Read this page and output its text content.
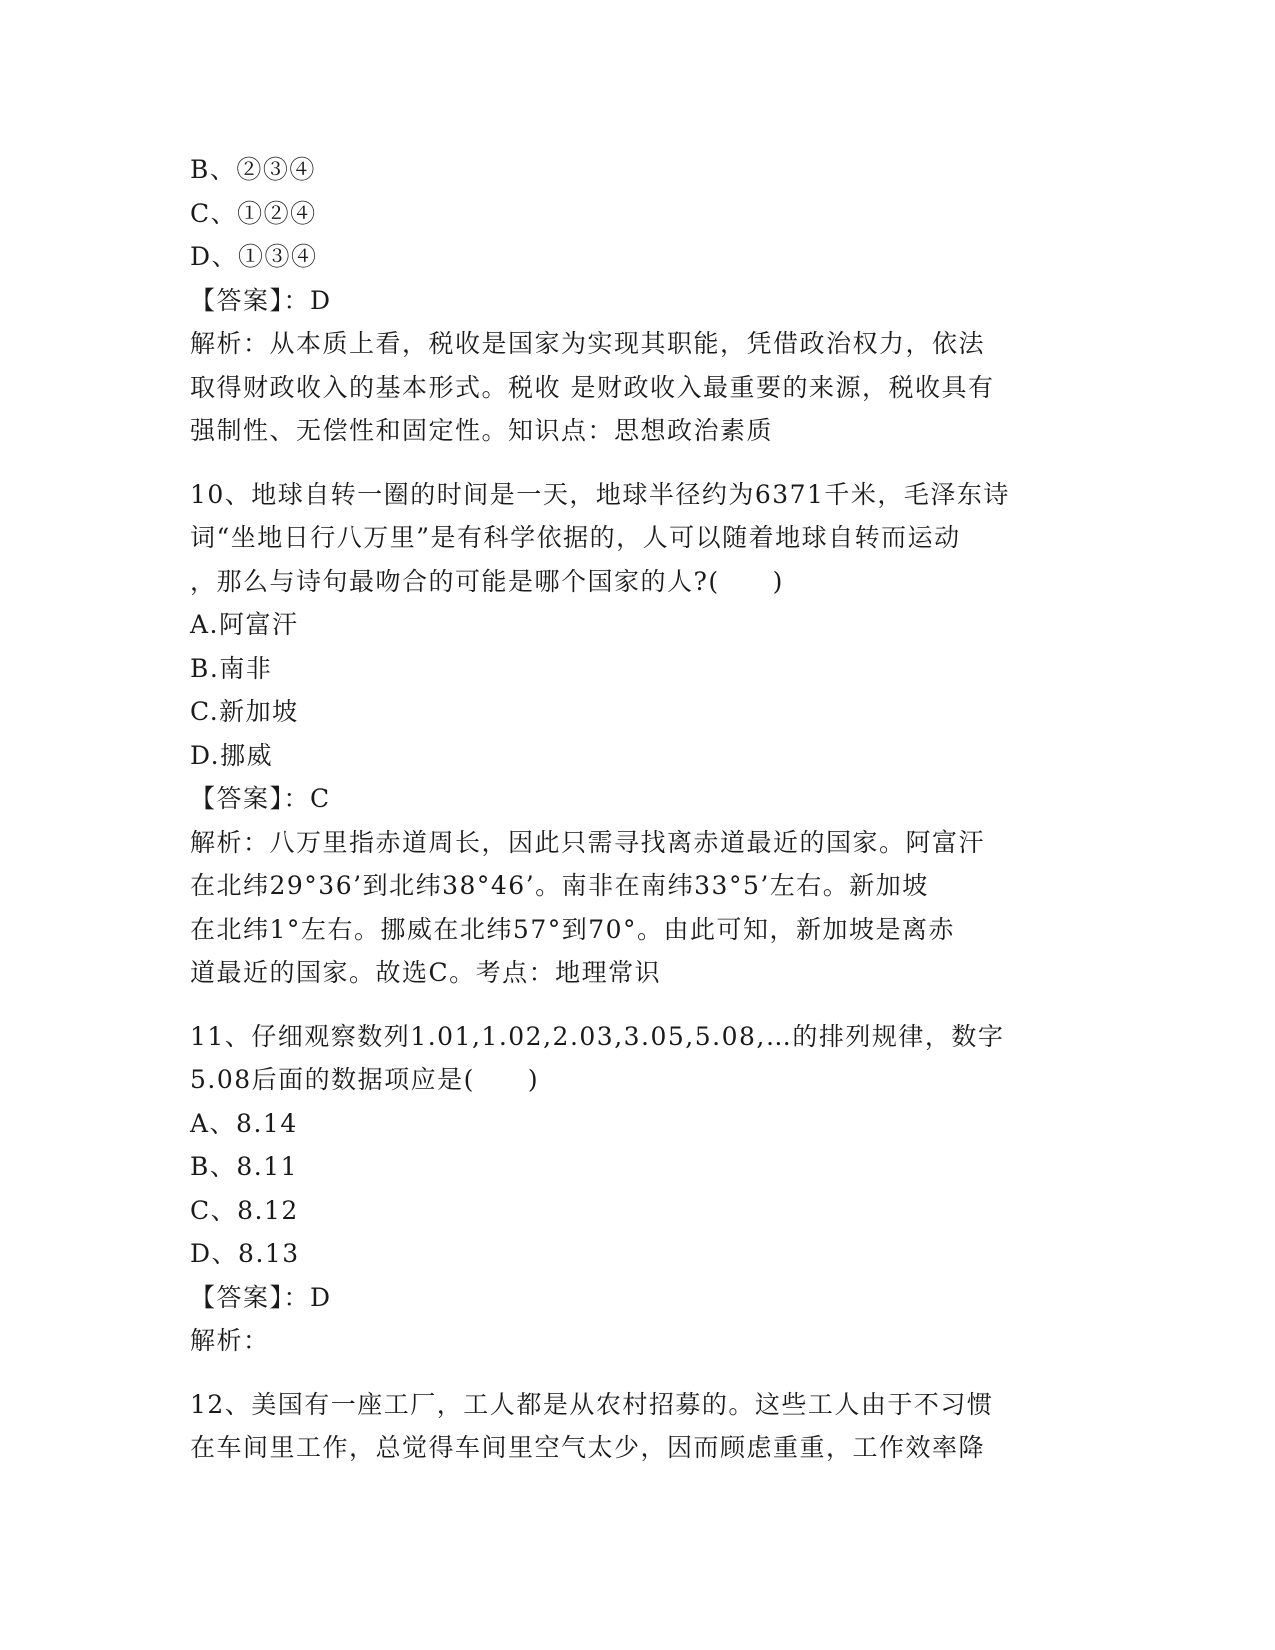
B、②③④
C、①②④
D、①③④
【答案】：D
解析：从本质上看，税收是国家为实现其职能，凭借政治权力，依法
取得财政收入的基本形式。税收 是财政收入最重要的来源，税收具有
强制性、无偿性和固定性。知识点：思想政治素质
10、地球自转一圈的时间是一天，地球半径约为6371千米，毛泽东诗
词“坐地日行八万里”是有科学依据的，人可以随着地球自转而运动
，那么与诗句最吻合的可能是哪个国家的人?(　　)
A.阿富汗
B.南非
C.新加坡
D.挪威
【答案】：C
解析：八万里指赤道周长，因此只需寻找离赤道最近的国家。阿富汗
在北纬29°36’到北纬38°46’。南非在南纬33°5’左右。新加坡
在北纬1°左右。挪威在北纬57°到70°。由此可知，新加坡是离赤
道最近的国家。故选C。考点：地理常识
11、仔细观察数列1.01,1.02,2.03,3.05,5.08,…的排列规律，数字
5.08后面的数据项应是(　　)
A、8.14
B、8.11
C、8.12
D、8.13
【答案】：D
解析：
12、美国有一座工厂，工人都是从农村招募的。这些工人由于不习惯
在车间里工作，总觉得车间里空气太少，因而顾虑重重，工作效率降
